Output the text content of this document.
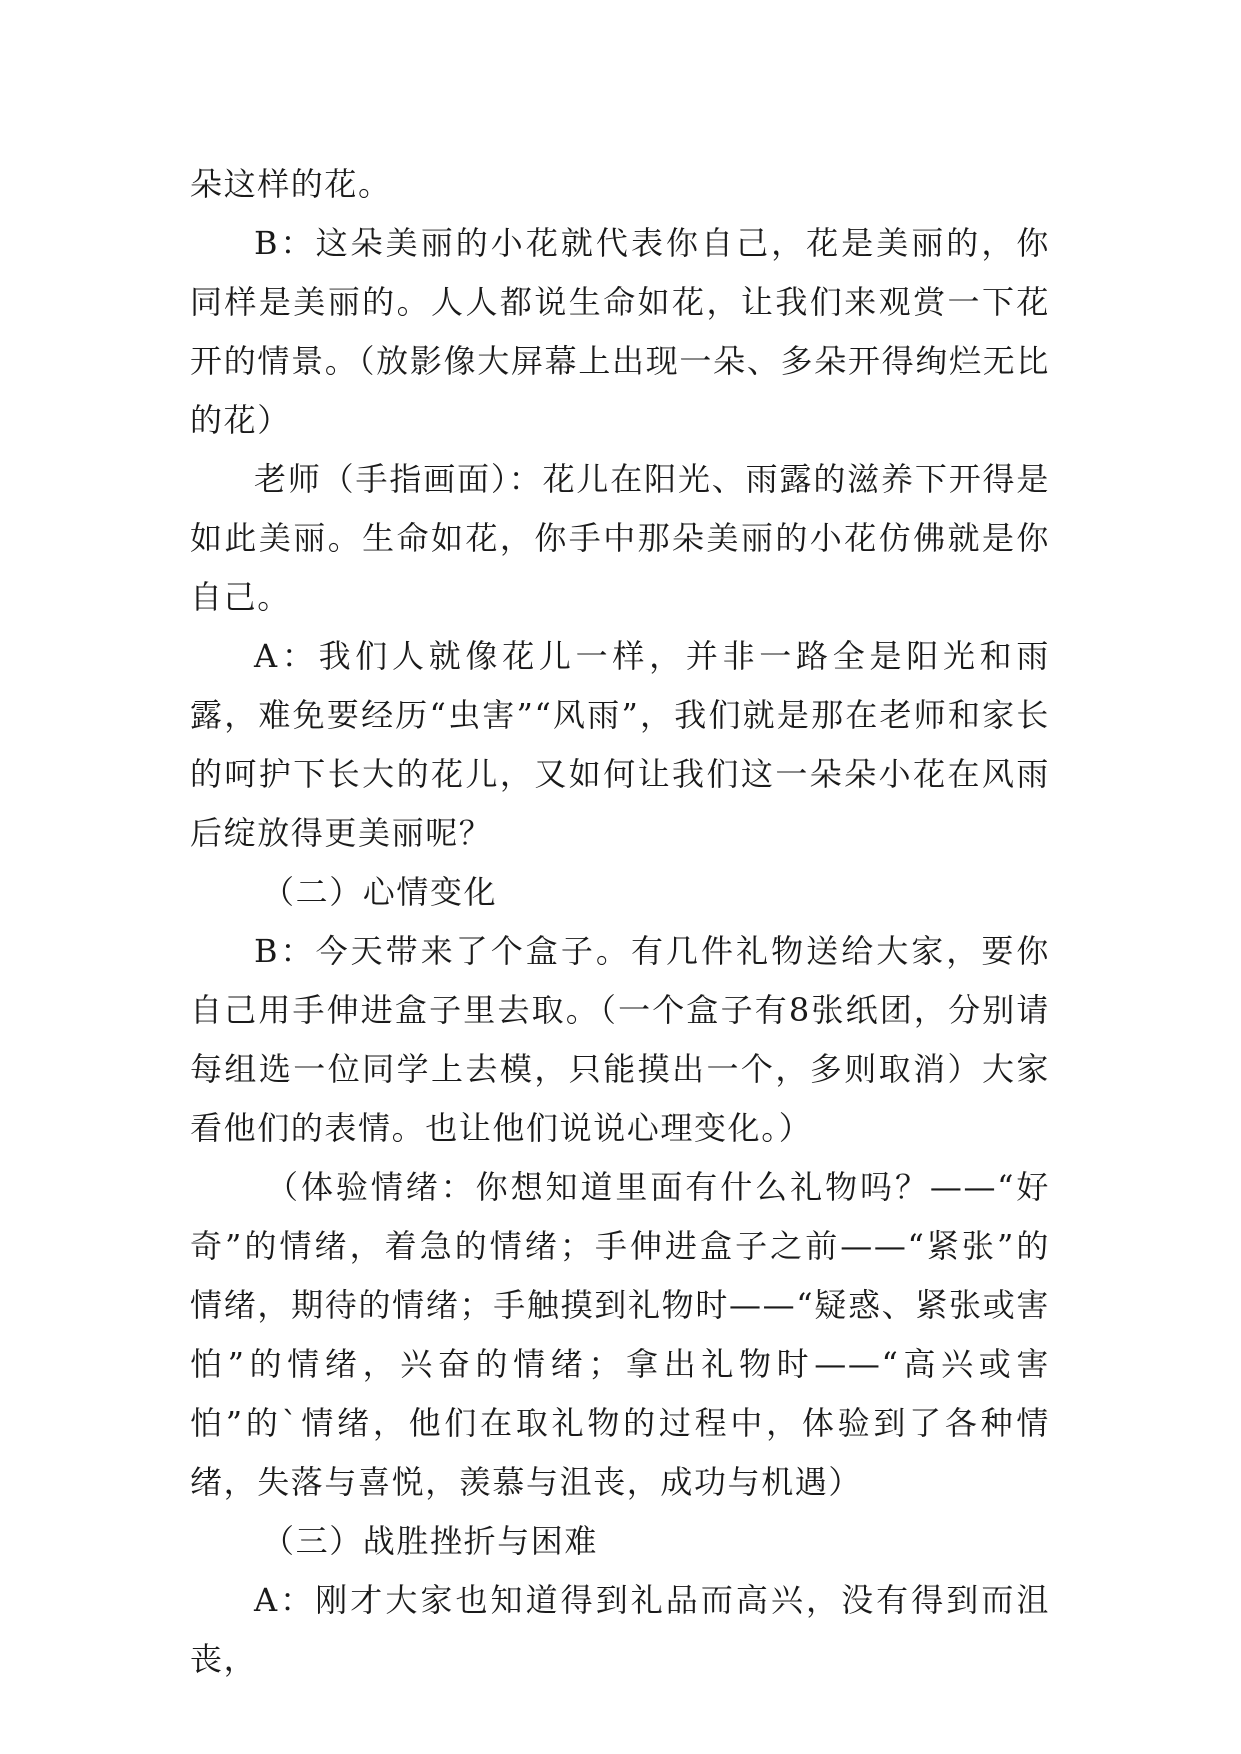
朵这样的花。

B：这朵美丽的小花就代表你自己，花是美丽的，你同样是美丽的。人人都说生命如花，让我们来观赏一下花开的情景。（放影像大屏幕上出现一朵、多朵开得绚烂无比的花）

老师（手指画面）：花儿在阳光、雨露的滋养下开得是如此美丽。生命如花，你手中那朵美丽的小花仿佛就是你自己。

A：我们人就像花儿一样，并非一路全是阳光和雨露，难免要经历“虫害”“风雨”，我们就是那在老师和家长的呵护下长大的花儿，又如何让我们这一朵朵小花在风雨后绽放得更美丽呢？

（二）心情变化

B：今天带来了个盒子。有几件礼物送给大家，要你自己用手伸进盒子里去取。（一个盒子有8张纸团，分别请每组选一位同学上去模，只能摸出一个，多则取消）大家看他们的表情。也让他们说说心理变化。）

（体验情绪：你想知道里面有什么礼物吗？——“好奇”的情绪，着急的情绪；手伸进盒子之前——“紧张”的情绪，期待的情绪；手触摸到礼物时——“疑惑、紧张或害怕”的情绪，兴奋的情绪；拿出礼物时——“高兴或害怕”的`情绪，他们在取礼物的过程中，体验到了各种情绪，失落与喜悦，羡慕与沮丧，成功与机遇）

（三）战胜挫折与困难

A：刚才大家也知道得到礼品而高兴，没有得到而沮丧，
